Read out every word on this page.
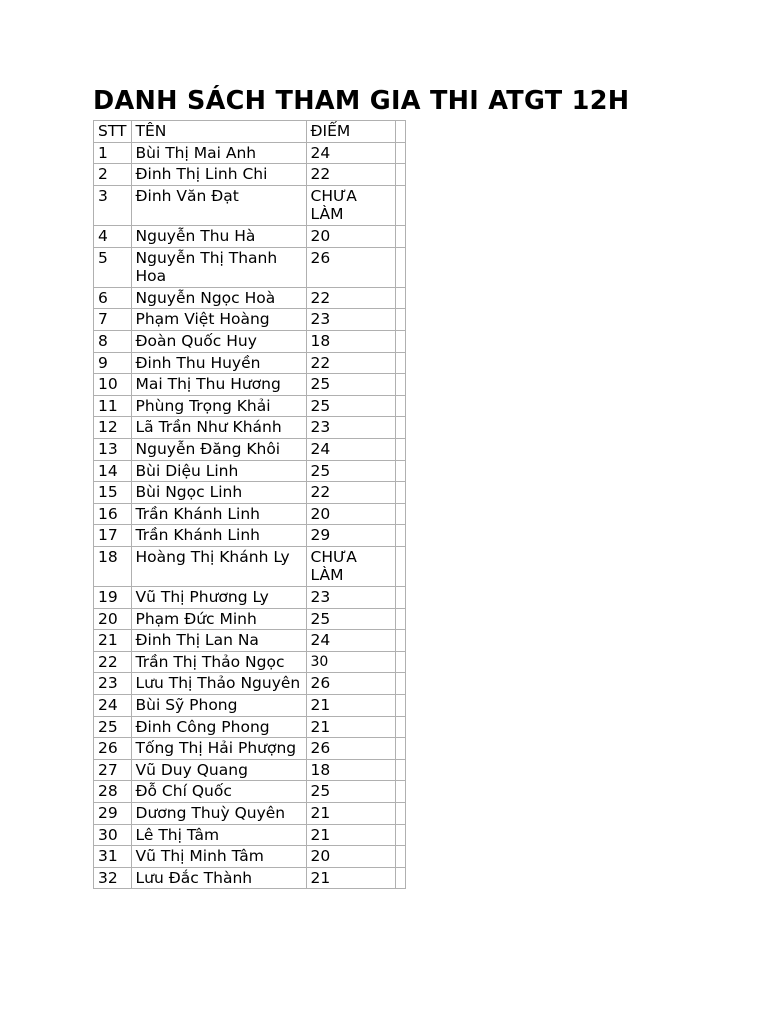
DANH SÁCH THAM GIA THI ATGT 12H
STT	TÊN	ĐIỂM	
1	Bùi Thị Mai Anh	24	
2	Đinh Thị Linh Chi	22	
3	Đinh Văn Đạt	CHƯA LÀM	
4	Nguyễn Thu Hà	20	
5	Nguyễn Thị Thanh Hoa	26	
6	Nguyễn Ngọc Hoà	22	
7	Phạm Việt Hoàng	23	
8	Đoàn Quốc Huy	18	
9	Đinh Thu Huyền	22	
10	Mai Thị Thu Hương	25	
11	Phùng Trọng Khải	25	
12	Lã Trần Như Khánh	23	
13	Nguyễn Đăng Khôi	24	
14	Bùi Diệu Linh	25	
15	Bùi Ngọc Linh	22	
16	Trần Khánh Linh	20	
17	Trần Khánh Linh	29	
18	Hoàng Thị Khánh Ly	CHƯA LÀM	
19	Vũ Thị Phương Ly	23	
20	Phạm Đức Minh	25	
21	Đinh Thị Lan Na	24	
22	Trần Thị Thảo Ngọc	30	
23	Lưu Thị Thảo Nguyên	26	
24	Bùi Sỹ Phong	21	
25	Đinh Công Phong	21	
26	Tống Thị Hải Phượng	26	
27	Vũ Duy Quang	18	
28	Đỗ Chí Quốc	25	
29	Dương Thuỳ Quyên	21	
30	Lê Thị Tâm	21	
31	Vũ Thị Minh Tâm	20	
32	Lưu Đắc Thành	21	
